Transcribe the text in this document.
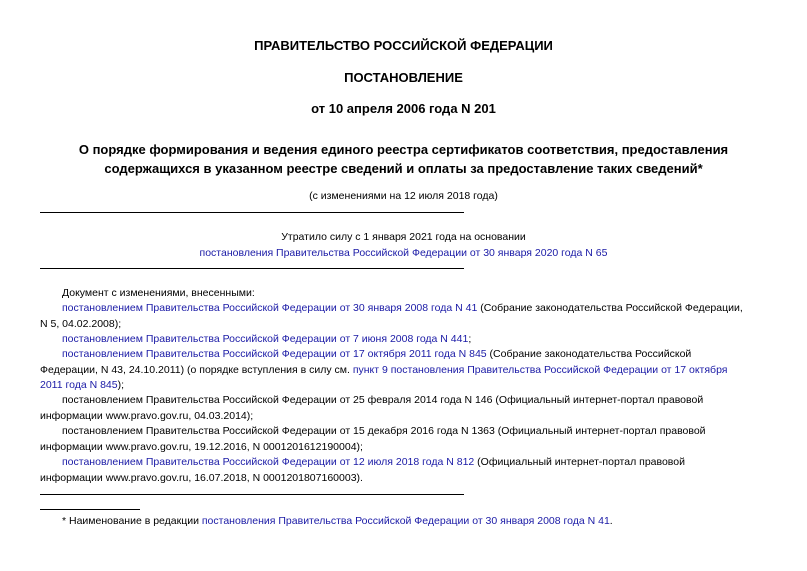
ПРАВИТЕЛЬСТВО РОССИЙСКОЙ ФЕДЕРАЦИИ
ПОСТАНОВЛЕНИЕ
от 10 апреля 2006 года N 201
О порядке формирования и ведения единого реестра сертификатов соответствия, предоставления
содержащихся в указанном реестре сведений и оплаты за предоставление таких сведений*
(с изменениями на 12 июля 2018 года)
Утратило силу с 1 января 2021 года на основании
постановления Правительства Российской Федерации от 30 января 2020 года N 65
Документ с изменениями, внесенными:
постановлением Правительства Российской Федерации от 30 января 2008 года N 41 (Собрание законодательства Российской Федерации,
N 5, 04.02.2008);
постановлением Правительства Российской Федерации от 7 июня 2008 года N 441;
постановлением Правительства Российской Федерации от 17 октября 2011 года N 845 (Собрание законодательства Российской
Федерации, N 43, 24.10.2011) (о порядке вступления в силу см. пункт 9 постановления Правительства Российской Федерации от 17 октября
2011 года N 845);
постановлением Правительства Российской Федерации от 25 февраля 2014 года N 146 (Официальный интернет-портал правовой
информации www.pravo.gov.ru, 04.03.2014);
постановлением Правительства Российской Федерации от 15 декабря 2016 года N 1363 (Официальный интернет-портал правовой
информации www.pravo.gov.ru, 19.12.2016, N 0001201612190004);
постановлением Правительства Российской Федерации от 12 июля 2018 года N 812 (Официальный интернет-портал правовой
информации www.pravo.gov.ru, 16.07.2018, N 0001201807160003).
* Наименование в редакции постановления Правительства Российской Федерации от 30 января 2008 года N 41.
